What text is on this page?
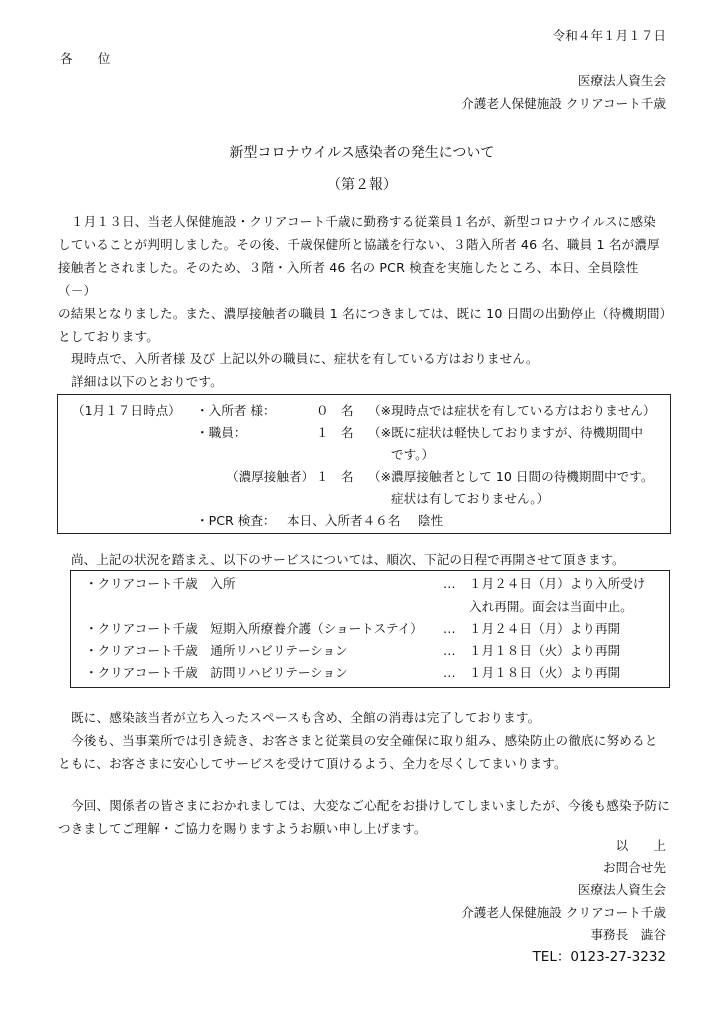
令和４年１月１７日
各　　位
医療法人資生会
介護老人保健施設 クリアコート千歳
新型コロナウイルス感染者の発生について
（第２報）

１月１３日、当老人保健施設・クリアコート千歳に勤務する従業員１名が、新型コロナウイルスに感染

していることが判明しました。その後、千歳保健所と協議を行ない、３階入所者 46 名、職員 1 名が濃厚

接触者とされました。そのため、３階・入所者 46 名の PCR 検査を実施したところ、本日、全員陰性（－）

の結果となりました。また、濃厚接触者の職員 1 名につきましては、既に 10 日間の出勤停止（待機期間）

としております。

現時点で、入所者様 及び 上記以外の職員に、症状を有している方はおりません。

詳細は以下のとおりです。

（1月１７日時点） ・入所者 様：	０ 名 （※現時点では症状を有している方はおりません）
・職員：	１ 名 （※既に症状は軽快しておりますが、待機期間中
です。）
（濃厚接触者） １ 名 （※濃厚接触者として 10 日間の待機期間中です。
症状は有しておりません。）
・PCR 検査： 本日、入所者４６名 陰性
尚、上記の状況を踏まえ、以下のサービスについては、順次、下記の日程で再開させて頂きます。
・クリアコート千歳　入所	… １月２４日（月）より入所受け
入れ再開。面会は当面中止。
・クリアコート千歳　短期入所療養介護（ショートステイ） … １月２４日（月）より再開
・クリアコート千歳　通所リハビリテーション	… １月１８日（火）より再開
・クリアコート千歳　訪問リハビリテーション	… １月１８日（火）より再開

既に、感染該当者が立ち入ったスペースも含め、全館の消毒は完了しております。

今後も、当事業所では引き続き、お客さまと従業員の安全確保に取り組み、感染防止の徹底に努めると

ともに、お客さまに安心してサービスを受けて頂けるよう、全力を尽くしてまいります。

今回、関係者の皆さまにおかれましては、大変なご心配をお掛けしてしまいましたが、今後も感染予防に

つきましてご理解・ご協力を賜りますようお願い申し上げます。

以　　上
お問合せ先
医療法人資生会
介護老人保健施設 クリアコート千歳
事務長　澁谷
TEL：0123-27-3232
